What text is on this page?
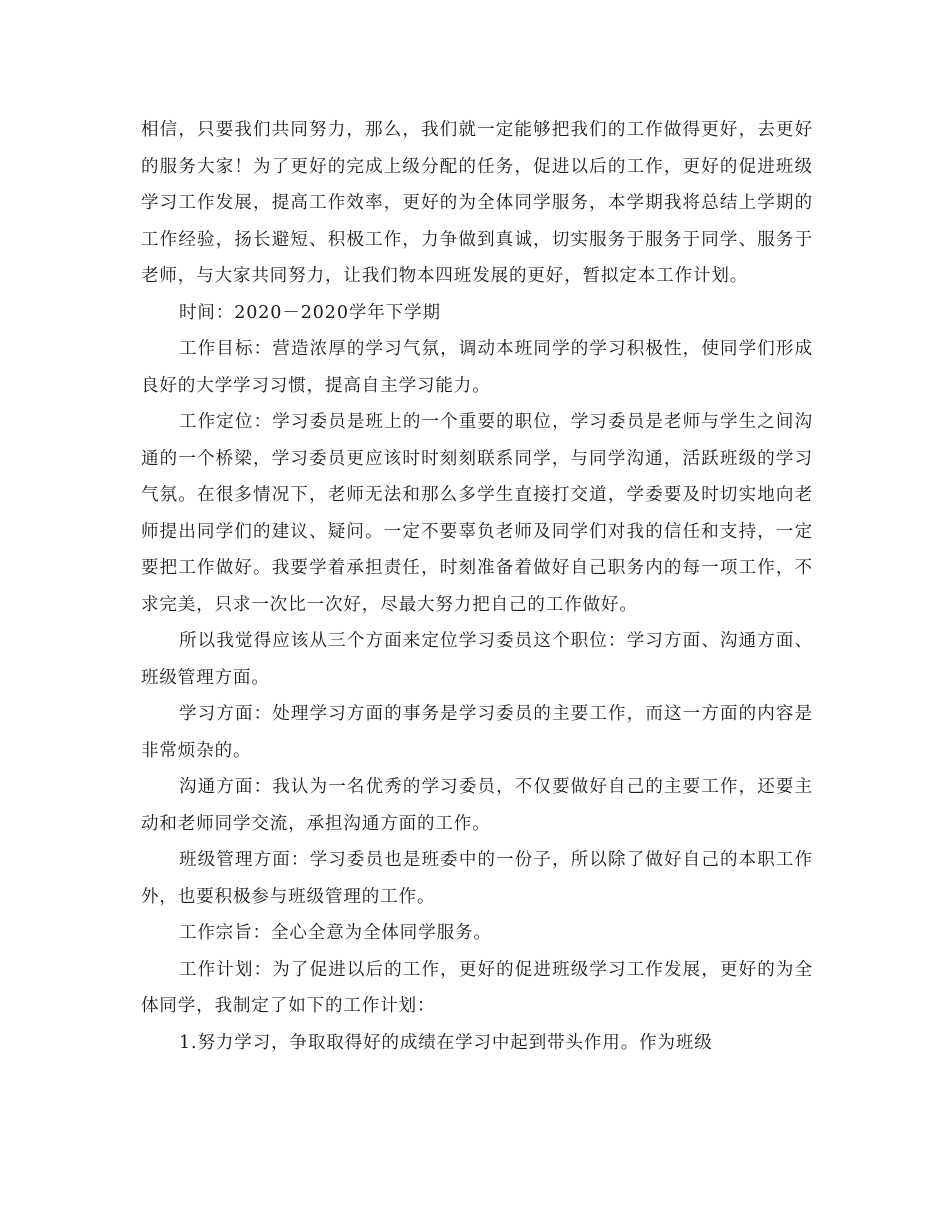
相信，只要我们共同努力，那么，我们就一定能够把我们的工作做得更好，去更好的服务大家！为了更好的完成上级分配的任务，促进以后的工作，更好的促进班级学习工作发展，提高工作效率，更好的为全体同学服务，本学期我将总结上学期的工作经验，扬长避短、积极工作，力争做到真诚，切实服务于服务于同学、服务于老师，与大家共同努力，让我们物本四班发展的更好，暂拟定本工作计划。

时间：2020－2020学年下学期

工作目标：营造浓厚的学习气氛，调动本班同学的学习积极性，使同学们形成良好的大学学习习惯，提高自主学习能力。

工作定位：学习委员是班上的一个重要的职位，学习委员是老师与学生之间沟通的一个桥梁，学习委员更应该时时刻刻联系同学，与同学沟通，活跃班级的学习气氛。在很多情况下，老师无法和那么多学生直接打交道，学委要及时切实地向老师提出同学们的建议、疑问。一定不要辜负老师及同学们对我的信任和支持，一定要把工作做好。我要学着承担责任，时刻准备着做好自己职务内的每一项工作，不求完美，只求一次比一次好，尽最大努力把自己的工作做好。

所以我觉得应该从三个方面来定位学习委员这个职位：学习方面、沟通方面、班级管理方面。

学习方面：处理学习方面的事务是学习委员的主要工作，而这一方面的内容是非常烦杂的。

沟通方面：我认为一名优秀的学习委员，不仅要做好自己的主要工作，还要主动和老师同学交流，承担沟通方面的工作。

班级管理方面：学习委员也是班委中的一份子，所以除了做好自己的本职工作外，也要积极参与班级管理的工作。

工作宗旨：全心全意为全体同学服务。

工作计划：为了促进以后的工作，更好的促进班级学习工作发展，更好的为全体同学，我制定了如下的工作计划：

1.努力学习，争取取得好的成绩在学习中起到带头作用。作为班级
